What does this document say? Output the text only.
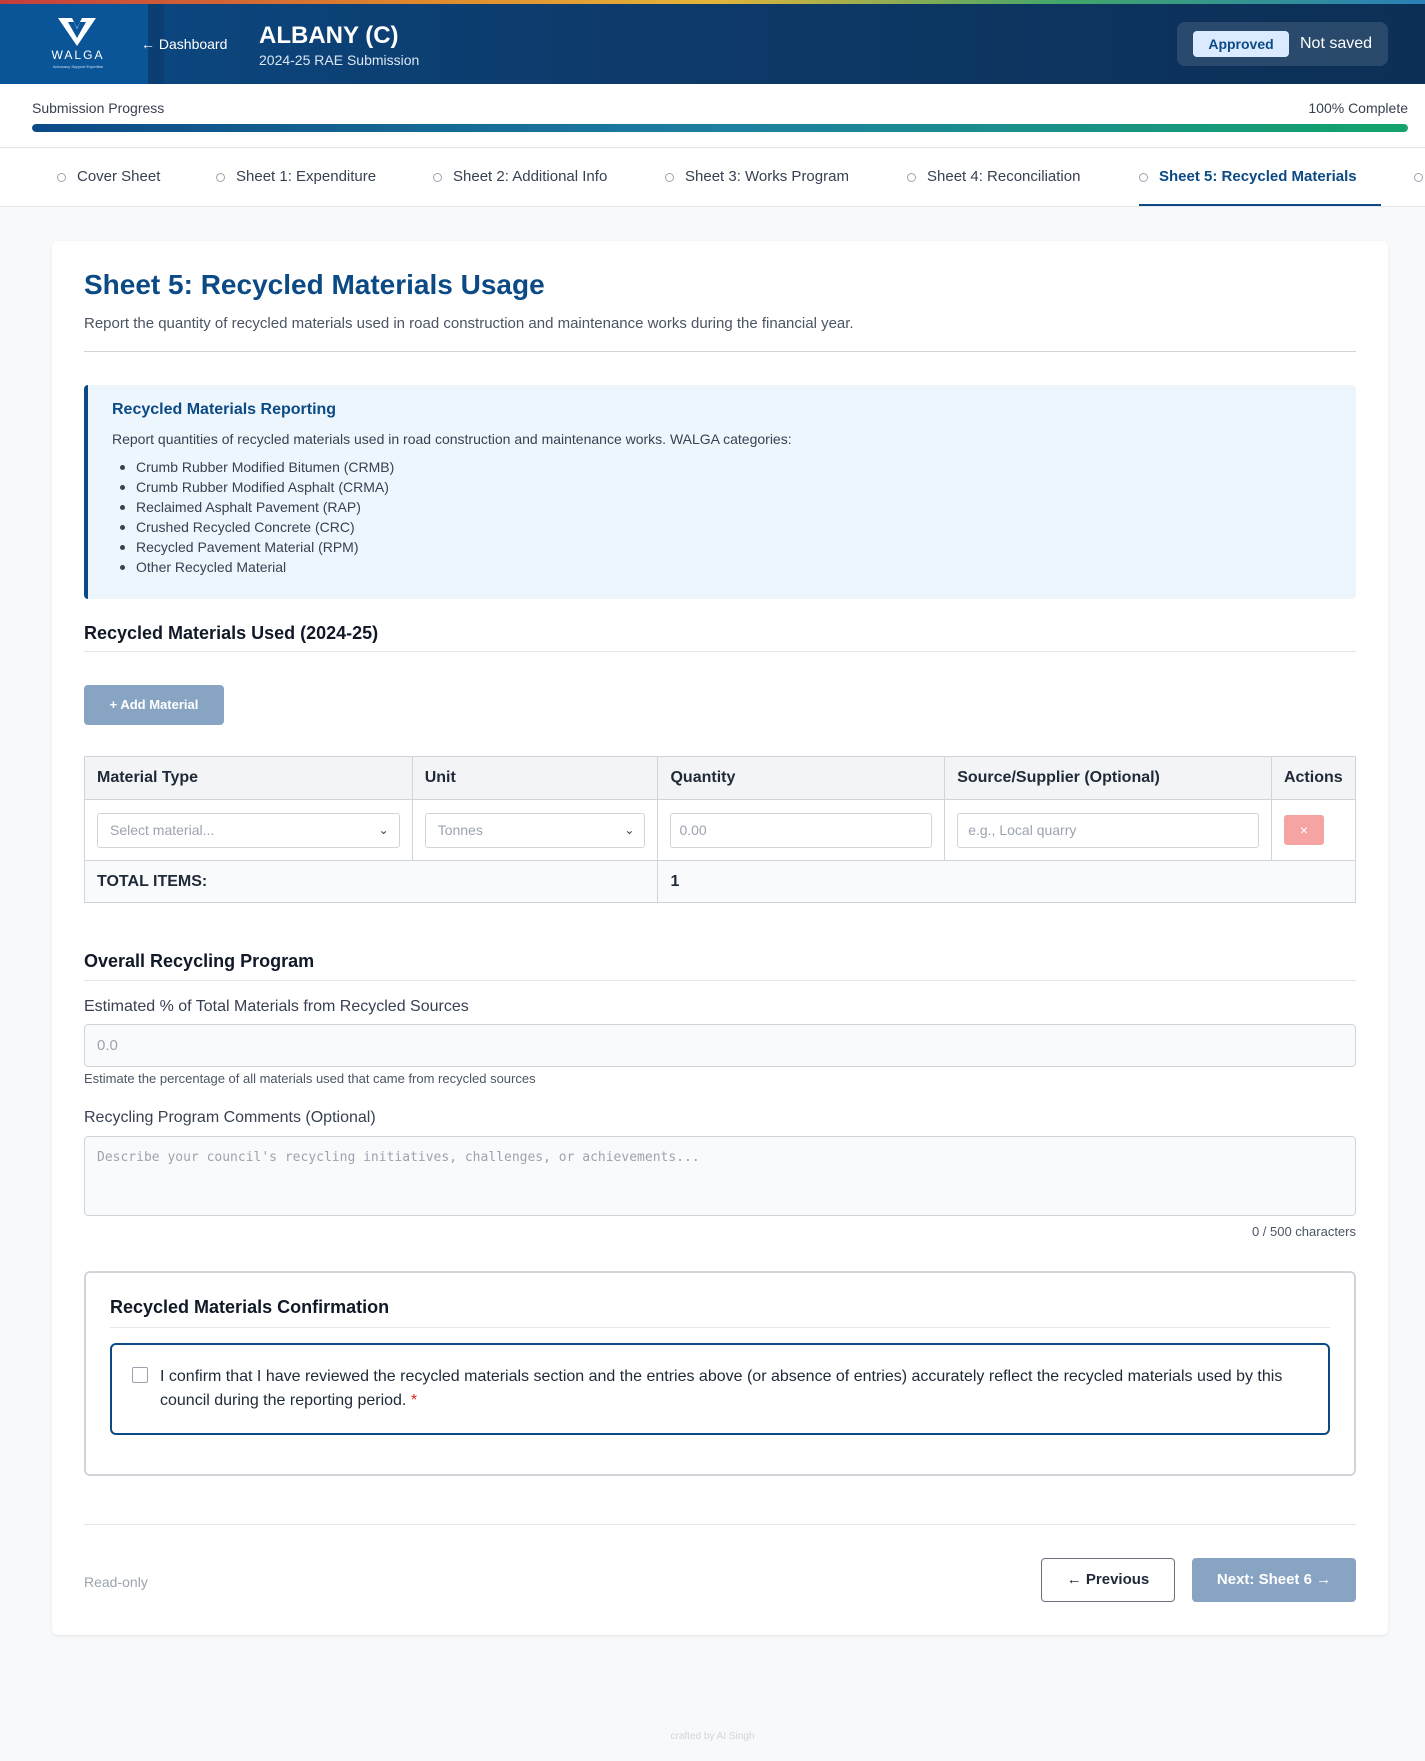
WALGA
Advocacy Support Expertise
← Dashboard ALBANY (C)
2024-25 RAE Submission
Approved	Not saved
Submission Progress	100% Complete
Cover Sheet	Sheet 1: Expenditure	Sheet 2: Additional Info	Sheet 3: Works Program	Sheet 4: Reconciliation	Sheet 5: Recycled Materials
Sheet 5: Recycled Materials Usage
Report the quantity of recycled materials used in road construction and maintenance works during the financial year.
Recycled Materials Reporting
Report quantities of recycled materials used in road construction and maintenance works. WALGA categories:
Crumb Rubber Modified Bitumen (CRMB)
Crumb Rubber Modified Asphalt (CRMA)
Reclaimed Asphalt Pavement (RAP)
Crushed Recycled Concrete (CRC)
Recycled Pavement Material (RPM)
Other Recycled Material
Recycled Materials Used (2024-25)
+ Add Material
Material Type	Unit	Quantity	Source/Supplier (Optional)	Actions

Select material... ⌄	Tonnes ⌄	0.00	e.g., Local quarry	×

TOTAL ITEMS:		1		
Overall Recycling Program
Estimated % of Total Materials from Recycled Sources
0.0
Estimate the percentage of all materials used that came from recycled sources
Recycling Program Comments (Optional)
Describe your council's recycling initiatives, challenges, or achievements...
0 / 500 characters
Recycled Materials Confirmation
I confirm that I have reviewed the recycled materials section and the entries above (or absence of entries) accurately reflect the recycled materials used by this council during the reporting period. *
Read-only	← Previous	Next: Sheet 6 →
crafted by AI Singh
